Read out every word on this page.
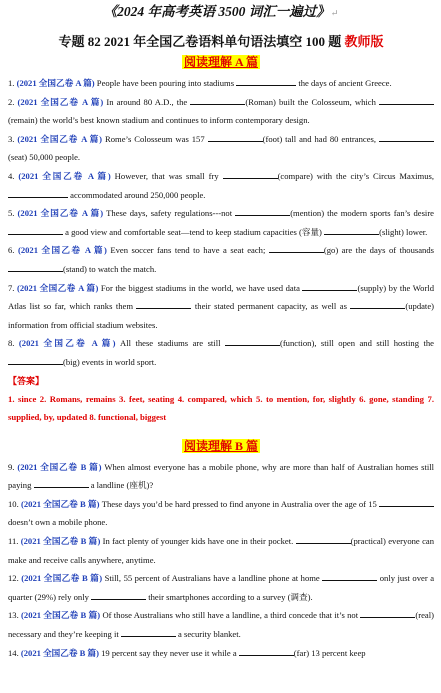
《2024 年高考英语 3500 词汇一遍过》↵
专题 82 2021 年全国乙卷语料单句语法填空 100 题 教师版
阅读理解 A 篇

1. (2021 全国乙卷 A 篇) People have been pouring into stadiums	the days of ancient Greece.

2. (2021 全国乙卷 A 篇) In around 80 A.D., the	(Roman) built the Colosseum, which (remain) the world’s best known stadium and continues to inform contemporary design.

3. (2021 全国乙卷 A 篇) Rome’s Colosseum was 157	(foot) tall and had 80 entrances, (seat) 50,000 people.

4. (2021 全国乙卷 A 篇) However, that was small fry	(compare) with the city’s Circus Maximus,  accommodated around 250,000 people.

5. (2021 全国乙卷 A 篇) These days, safety regulations---not	(mention) the modern sports fan’s desire  a good view and comfortable seat—tend to keep stadium capacities (容量)	(slight) lower.

6. (2021 全国乙卷 A 篇) Even soccer fans tend to have a seat each;	(go) are the days of thousands (stand) to watch the match.

7. (2021 全国乙卷 A 篇) For the biggest stadiums in the world, we have used data	(supply) by the World Atlas list so far, which ranks them	their stated permanent capacity, as well as	(update) information from official stadium websites.

8. (2021 全国乙卷 A 篇) All these stadiums are still	(function), still open and still hosting the (big) events in world sport.

【答案】

1. since 2. Romans, remains 3. feet, seating 4. compared, which 5. to mention, for, slightly 6. gone, standing 7. supplied, by, updated 8. functional, biggest

阅读理解 B 篇

9. (2021 全国乙卷 B 篇) When almost everyone has a mobile phone, why are more than half of Australian homes still paying	a landline (座机)?

10. (2021 全国乙卷 B 篇) These days you’d be hard pressed to find anyone in Australia over the age of 15  doesn’t own a mobile phone.

11. (2021 全国乙卷 B 篇) In fact plenty of younger kids have one in their pocket.	(practical) everyone can make and receive calls anywhere, anytime.

12. (2021 全国乙卷 B 篇) Still, 55 percent of Australians have a landline phone at home	only just over a quarter (29%) rely only	their smartphones according to a survey (调查).

13. (2021 全国乙卷 B 篇) Of those Australians who still have a landline, a third concede that it’s not	(real) necessary and they’re keeping it	a security blanket.

14. (2021 全国乙卷 B 篇) 19 percent say they never use it while a	(far) 13 percent keep
